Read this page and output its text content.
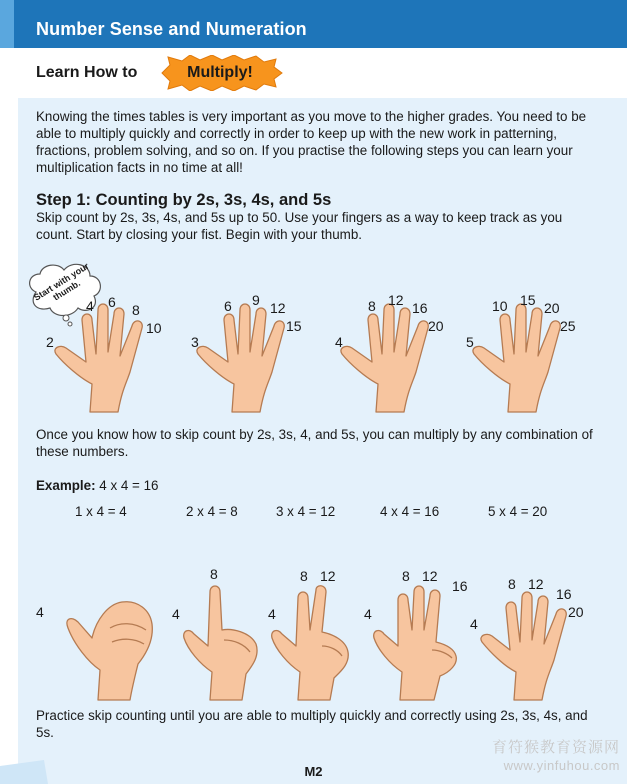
Number Sense and Numeration
Learn How to	Multiply!
Knowing the times tables is very important as you move to the higher grades. You need to be able to multiply quickly and correctly in order to keep up with the new work in patterning, fractions, problem solving, and so on. If you practise the following steps you can learn your multiplication facts in no time at all!
Step 1: Counting by 2s, 3s, 4s, and 5s
Skip count by 2s, 3s, 4s, and 5s up to 50. Use your fingers as a way to keep track as you count. Start by closing your fist. Begin with your thumb.
Start with your thumb.
2
4 6 8
10
3
6 9 12
15
4
8 12 16
20
5
10 15 20
25
Once you know how to skip count by 2s, 3s, 4, and 5s, you can multiply by any combination of these numbers.
Example: 4 x 4 = 16
1 x 4 = 4	2 x 4 = 8	3 x 4 = 12	4 x 4 = 16	5 x 4 = 20
4	4
8
4
8 12
4
8 12
16
4
8 12
16
20
Practice skip counting until you are able to multiply quickly and correctly using 2s, 3s, 4s, and 5s.
M2
育符猴教育资源网
www.yinfuhou.com
